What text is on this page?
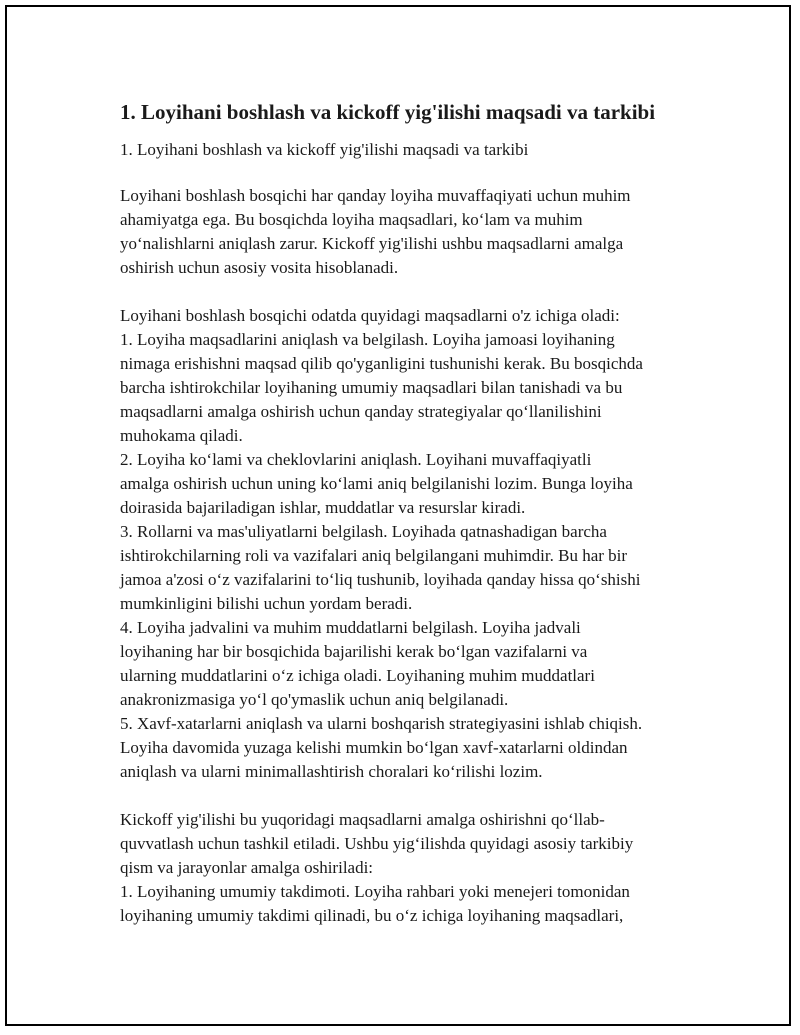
1. Loyihani boshlash va kickoff yig'ilishi maqsadi va tarkibi

1. Loyihani boshlash va kickoff yig'ilishi maqsadi va tarkibi

Loyihani boshlash bosqichi har qanday loyiha muvaffaqiyati uchun muhim
ahamiyatga ega. Bu bosqichda loyiha maqsadlari, ko‘lam va muhim
yo‘nalishlarni aniqlash zarur. Kickoff yig'ilishi ushbu maqsadlarni amalga
oshirish uchun asosiy vosita hisoblanadi.

Loyihani boshlash bosqichi odatda quyidagi maqsadlarni o'z ichiga oladi:

1. Loyiha maqsadlarini aniqlash va belgilash. Loyiha jamoasi loyihaning
nimaga erishishni maqsad qilib qo'yganligini tushunishi kerak. Bu bosqichda
barcha ishtirokchilar loyihaning umumiy maqsadlari bilan tanishadi va bu
maqsadlarni amalga oshirish uchun qanday strategiyalar qo‘llanilishini
muhokama qiladi.

2. Loyiha ko‘lami va cheklovlarini aniqlash. Loyihani muvaffaqiyatli
amalga oshirish uchun uning ko‘lami aniq belgilanishi lozim. Bunga loyiha
doirasida bajariladigan ishlar, muddatlar va resurslar kiradi.

3. Rollarni va mas'uliyatlarni belgilash. Loyihada qatnashadigan barcha
ishtirokchilarning roli va vazifalari aniq belgilangani muhimdir. Bu har bir
jamoa a'zosi o‘z vazifalarini to‘liq tushunib, loyihada qanday hissa qo‘shishi
mumkinligini bilishi uchun yordam beradi.

4. Loyiha jadvalini va muhim muddatlarni belgilash. Loyiha jadvali
loyihaning har bir bosqichida bajarilishi kerak bo‘lgan vazifalarni va
ularning muddatlarini o‘z ichiga oladi. Loyihaning muhim muddatlari
anakronizmasiga yo‘l qo'ymaslik uchun aniq belgilanadi.

5. Xavf-xatarlarni aniqlash va ularni boshqarish strategiyasini ishlab chiqish.
Loyiha davomida yuzaga kelishi mumkin bo‘lgan xavf-xatarlarni oldindan
aniqlash va ularni minimallashtirish choralari ko‘rilishi lozim.

Kickoff yig'ilishi bu yuqoridagi maqsadlarni amalga oshirishni qo‘llab-
quvvatlash uchun tashkil etiladi. Ushbu yig‘ilishda quyidagi asosiy tarkibiy
qism va jarayonlar amalga oshiriladi:

1. Loyihaning umumiy takdimoti. Loyiha rahbari yoki menejeri tomonidan
loyihaning umumiy takdimi qilinadi, bu o‘z ichiga loyihaning maqsadlari,
